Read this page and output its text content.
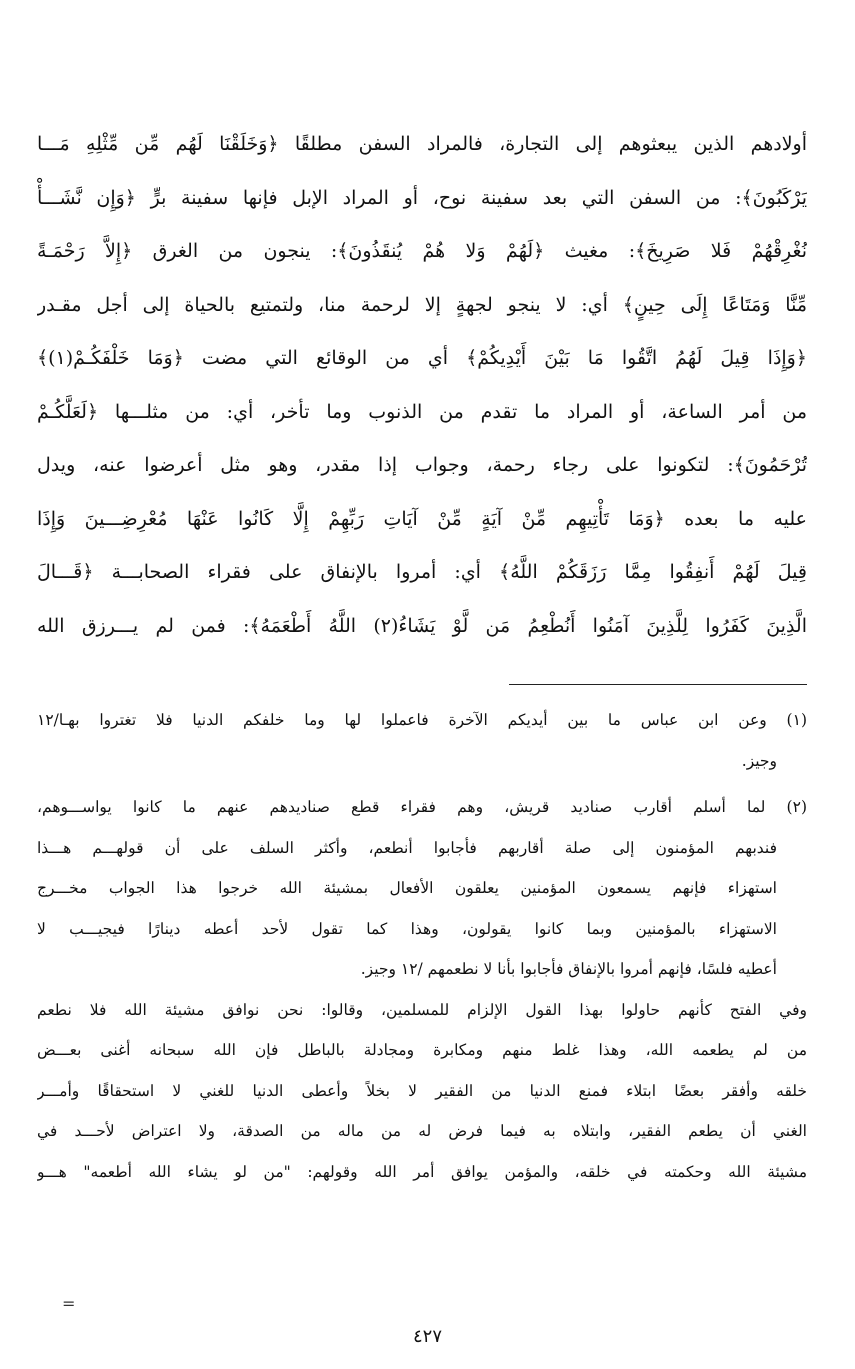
أولادهم الذين يبعثوهم إلى التجارة، فالمراد السفن مطلقًا ﴿وَخَلَقْنَا لَهُم مِّن مِّثْلِهِ مَـــا
يَرْكَبُونَ﴾: من السفن التي بعد سفينة نوح، أو المراد الإبل فإنها سفينة برٍّ ﴿وَإِن نَّشَـــأْ
نُغْرِقْهُمْ فَلا صَرِيخَ﴾: مغيث ﴿لَهُمْ وَلا هُمْ يُنقَذُونَ﴾: ينجون من الغرق ﴿إِلاَّ رَحْمَـةً
مِّنَّا وَمَتَاعًا إِلَى حِينٍ﴾ أي: لا ينجو لجهةٍ إلا لرحمة منا، ولتمتيع بالحياة إلى أجل مقـدر
﴿وَإِذَا قِيلَ لَهُمُ اتَّقُوا مَا بَيْنَ أَيْدِيكُمْ﴾ أي من الوقائع التي مضت ﴿وَمَا خَلْفَكُـمْ(١)﴾
من أمر الساعة، أو المراد ما تقدم من الذنوب وما تأخر، أي: من مثلـــها ﴿لَعَلَّكُـمْ
تُرْحَمُونَ﴾: لتكونوا على رجاء رحمة، وجواب إذا مقدر، وهو مثل أعرضوا عنه، ويدل
عليه ما بعده ﴿وَمَا تَأْتِيهِم مِّنْ آيَةٍ مِّنْ آيَاتِ رَبِّهِمْ إِلَّا كَانُوا عَنْهَا مُعْرِضِـــينَ وَإِذَا
قِيلَ لَهُمْ أَنفِقُوا مِمَّا رَزَقَكُمْ اللَّهُ﴾ أي: أمروا بالإنفاق على فقراء الصحابـــة ﴿قَـــالَ
الَّذِينَ كَفَرُوا لِلَّذِينَ آمَنُوا أَنُطْعِمُ مَن لَّوْ يَشَاءُ(٢) اللَّهُ أَطْعَمَهُ﴾: فمن لم يـــرزق الله
(١) وعن ابن عباس ما بين أيديكم الآخرة فاعملوا لها وما خلفكم الدنيا فلا تغتروا بهـا/١٢
وجيز.
(٢) لما أسلم أقارب صناديد قريش، وهم فقراء قطع صناديدهم عنهم ما كانوا يواســـوهم،
فندبهم المؤمنون إلى صلة أقاربهم فأجابوا أنطعم، وأكثر السلف على أن قولهـــم هـــذا
استهزاء فإنهم يسمعون المؤمنين يعلقون الأفعال بمشيئة الله خرجوا هذا الجواب مخـــرج
الاستهزاء بالمؤمنين وبما كانوا يقولون، وهذا كما تقول لأحد أعطه دينارًا فيجيـــب لا
أعطيه فلسًا، فإنهم أمروا بالإنفاق فأجابوا بأنا لا نطعمهم /١٢ وجيز.
وفي الفتح كأنهم حاولوا بهذا القول الإلزام للمسلمين، وقالوا: نحن نوافق مشيئة الله فلا نطعم
من لم يطعمه الله، وهذا غلط منهم ومكابرة ومجادلة بالباطل فإن الله سبحانه أغنى بعـــض
خلقه وأفقر بعضًا ابتلاء فمنع الدنيا من الفقير لا بخلاً وأعطى الدنيا للغني لا استحقاقًا وأمـــر
الغني أن يطعم الفقير، وابتلاه به فيما فرض له من ماله من الصدقة، ولا اعتراض لأحـــد في
مشيئة الله وحكمته في خلقه، والمؤمن يوافق أمر الله وقولهم: "من لو يشاء الله أطعمه" هـــو
=
٤٢٧
